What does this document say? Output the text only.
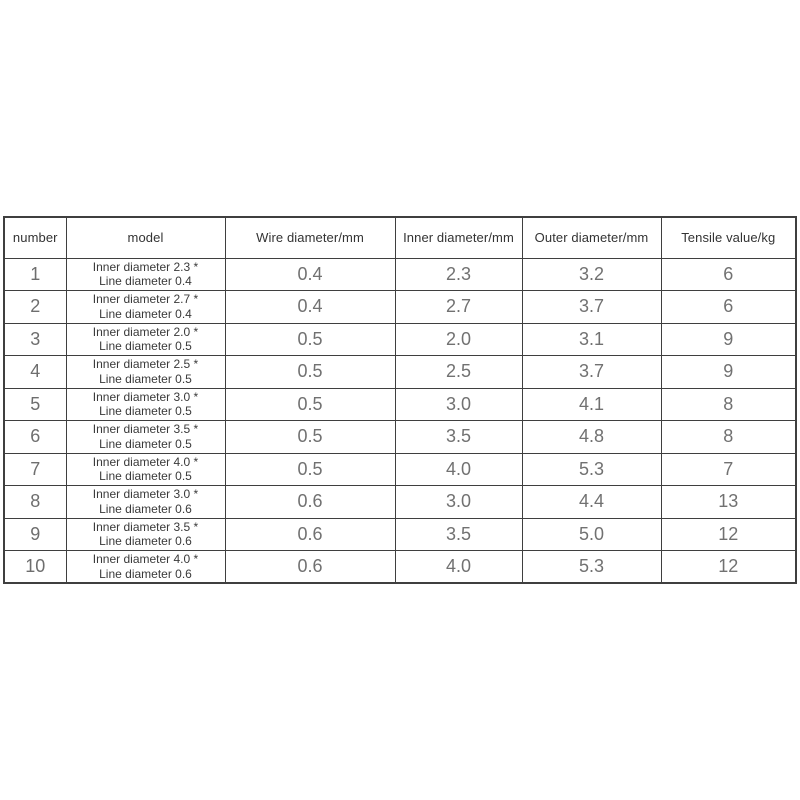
number	model	Wire diameter/mm	Inner diameter/mm	Outer diameter/mm	Tensile value/kg
1	Inner diameter 2.3 *
Line diameter 0.4	0.4	2.3	3.2	6
2	Inner diameter 2.7 *
Line diameter 0.4	0.4	2.7	3.7	6
3	Inner diameter 2.0 *
Line diameter 0.5	0.5	2.0	3.1	9
4	Inner diameter 2.5 *
Line diameter 0.5	0.5	2.5	3.7	9
5	Inner diameter 3.0 *
Line diameter 0.5	0.5	3.0	4.1	8
6	Inner diameter 3.5 *
Line diameter 0.5	0.5	3.5	4.8	8
7	Inner diameter 4.0 *
Line diameter 0.5	0.5	4.0	5.3	7
8	Inner diameter 3.0 *
Line diameter 0.6	0.6	3.0	4.4	13
9	Inner diameter 3.5 *
Line diameter 0.6	0.6	3.5	5.0	12
10	Inner diameter 4.0 *
Line diameter 0.6	0.6	4.0	5.3	12
